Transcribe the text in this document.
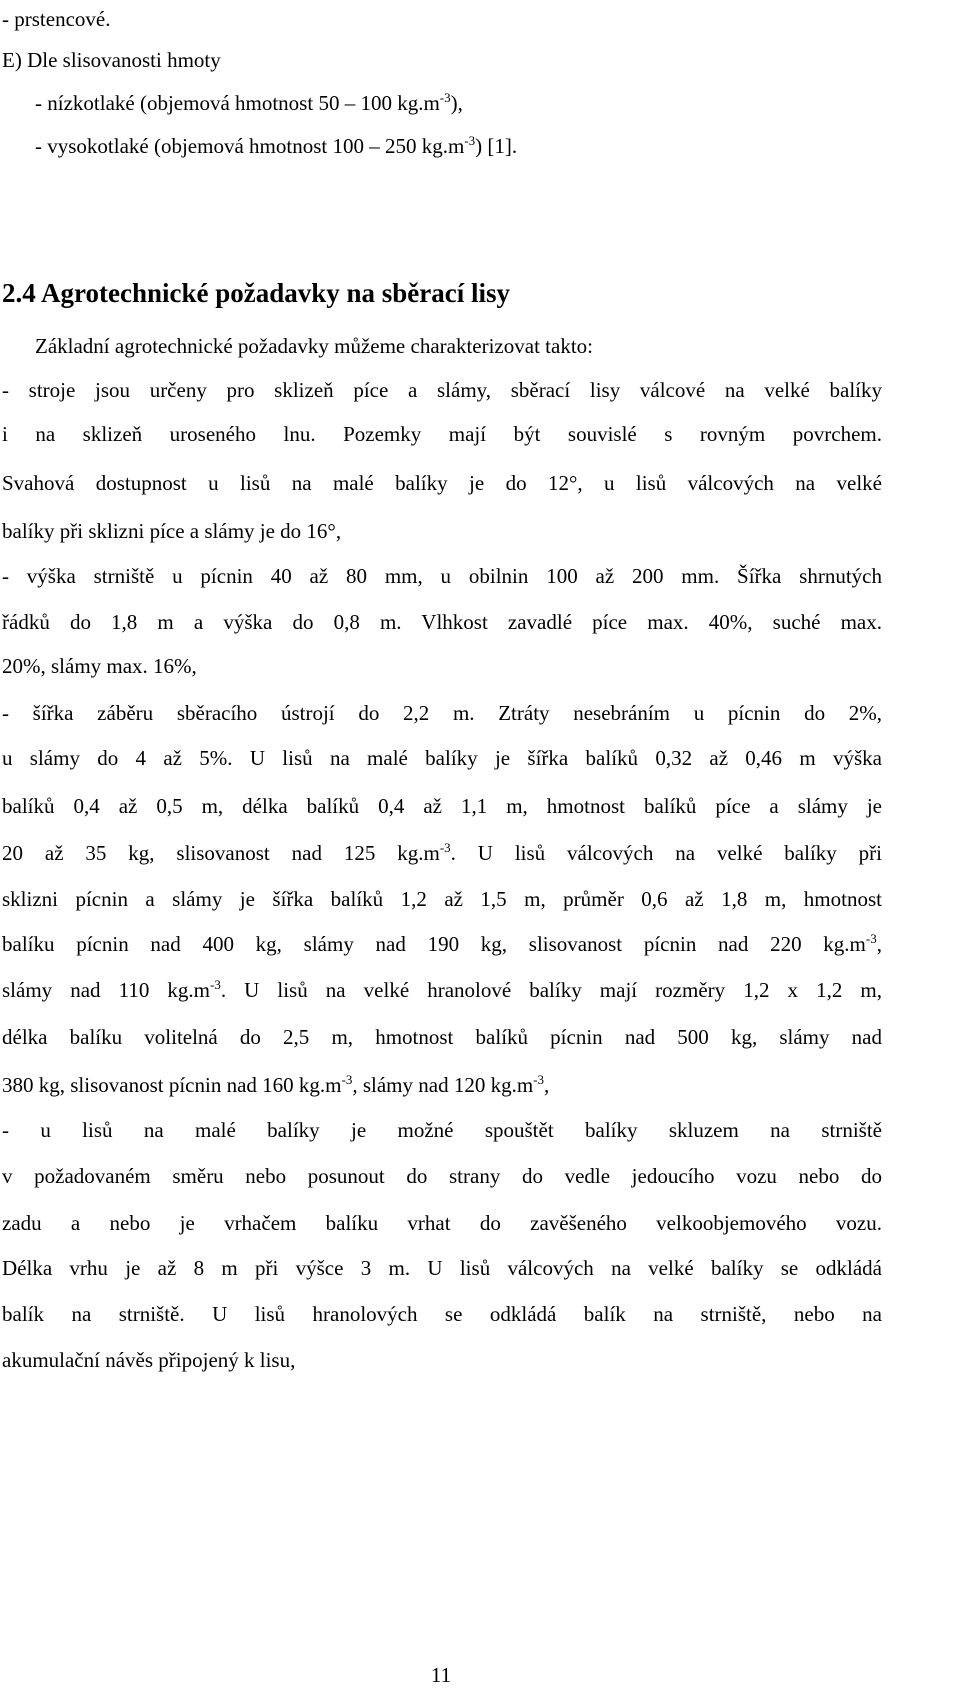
- prstencové.
E) Dle slisovanosti hmoty
- nízkotlaké (objemová hmotnost 50 – 100 $kg.m^{-3}$),
- vysokotlaké (objemová hmotnost 100 – 250 $kg.m^{-3}$) [1].
2.4 Agrotechnické požadavky na sběrací lisy
Základní agrotechnické požadavky můžeme charakterizovat takto:
- stroje jsou určeny pro sklizeň píce a slámy, sběrací lisy válcové na velké balíky
i na sklizeň uroseného lnu. Pozemky mají být souvislé s rovným povrchem.
Svahová dostupnost u lisů na malé balíky je do 12°, u lisů válcových na velké
balíky při sklizni píce a slámy je do 16°,
- výška strniště u pícnin 40 až 80 mm, u obilnin 100 až 200 mm. Šířka shrnutých
řádků do 1,8 m a výška do 0,8 m. Vlhkost zavadlé píce max. 40%, suché max.
20%, slámy max. 16%,
- šířka záběru sběracího ústrojí do 2,2 m. Ztráty nesebráním u pícnin do 2%,
u slámy do 4 až 5%. U lisů na malé balíky je šířka balíků 0,32 až 0,46 m výška
balíků 0,4 až 0,5 m, délka balíků 0,4 až 1,1 m, hmotnost balíků píce a slámy je
20 až 35 kg, slisovanost nad 125 $kg.m^{-3}$. U lisů válcových na velké balíky při
sklizni pícnin a slámy je šířka balíků 1,2 až 1,5 m, průměr 0,6 až 1,8 m, hmotnost
balíku pícnin nad 400 kg, slámy nad 190 kg, slisovanost pícnin nad 220 $kg.m^{-3}$,
slámy nad 110 $kg.m^{-3}$. U lisů na velké hranolové balíky mají rozměry 1,2 x 1,2 m,
délka balíku volitelná do 2,5 m, hmotnost balíků pícnin nad 500 kg, slámy nad
380 kg, slisovanost pícnin nad 160 $kg.m^{-3}$, slámy nad 120 $kg.m^{-3}$,
- u lisů na malé balíky je možné spouštět balíky skluzem na strniště
v požadovaném směru nebo posunout do strany do vedle jedoucího vozu nebo do
zadu a nebo je vrhačem balíku vrhat do zavěšeného velkoobjemového vozu.
Délka vrhu je až 8 m při výšce 3 m. U lisů válcových na velké balíky se odkládá
balík na strniště. U lisů hranolových se odkládá balík na strniště, nebo na
akumulační návěs připojený k lisu,
11
